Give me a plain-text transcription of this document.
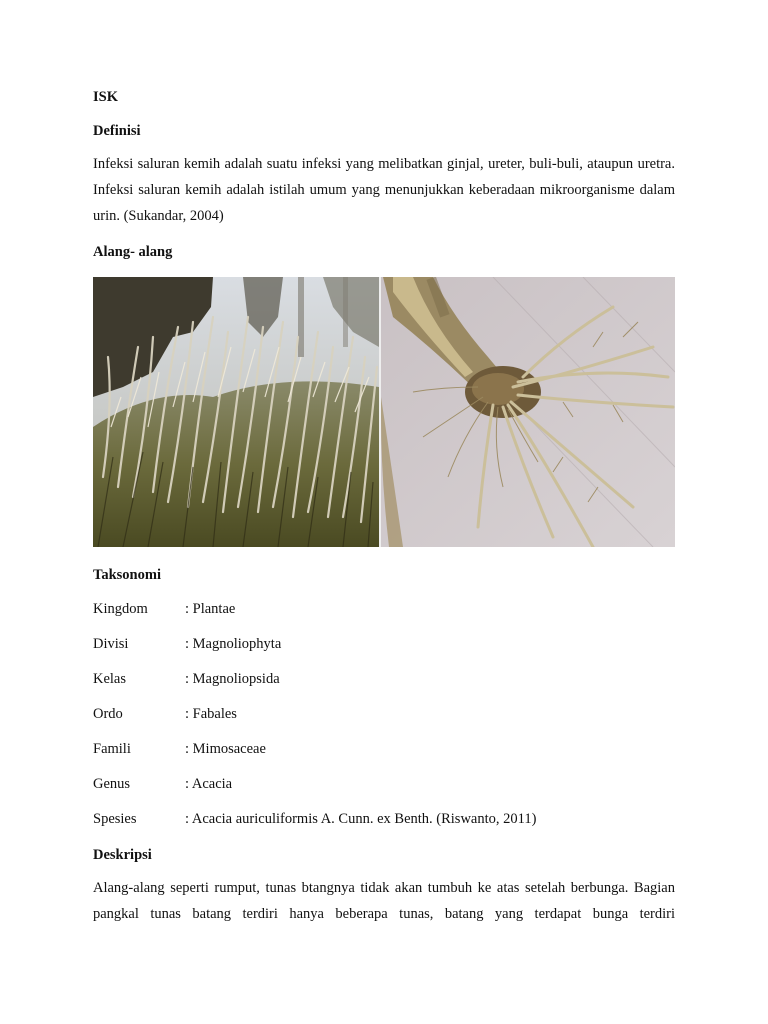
ISK
Definisi
Infeksi saluran kemih adalah suatu infeksi yang melibatkan ginjal, ureter, buli-buli, ataupun uretra. Infeksi saluran kemih adalah istilah umum yang menunjukkan keberadaan mikroorganisme dalam urin. (Sukandar, 2004)
Alang- alang
Taksonomi
Kingdom	: Plantae
Divisi	: Magnoliophyta
Kelas	: Magnoliopsida
Ordo	: Fabales
Famili	: Mimosaceae
Genus	: Acacia
Spesies	: Acacia auriculiformis A. Cunn. ex Benth. (Riswanto, 2011)
Deskripsi
Alang-alang seperti rumput, tunas btangnya tidak akan tumbuh ke atas setelah berbunga. Bagian pangkal tunas batang terdiri hanya beberapa tunas, batang yang terdapat bunga terdiri
